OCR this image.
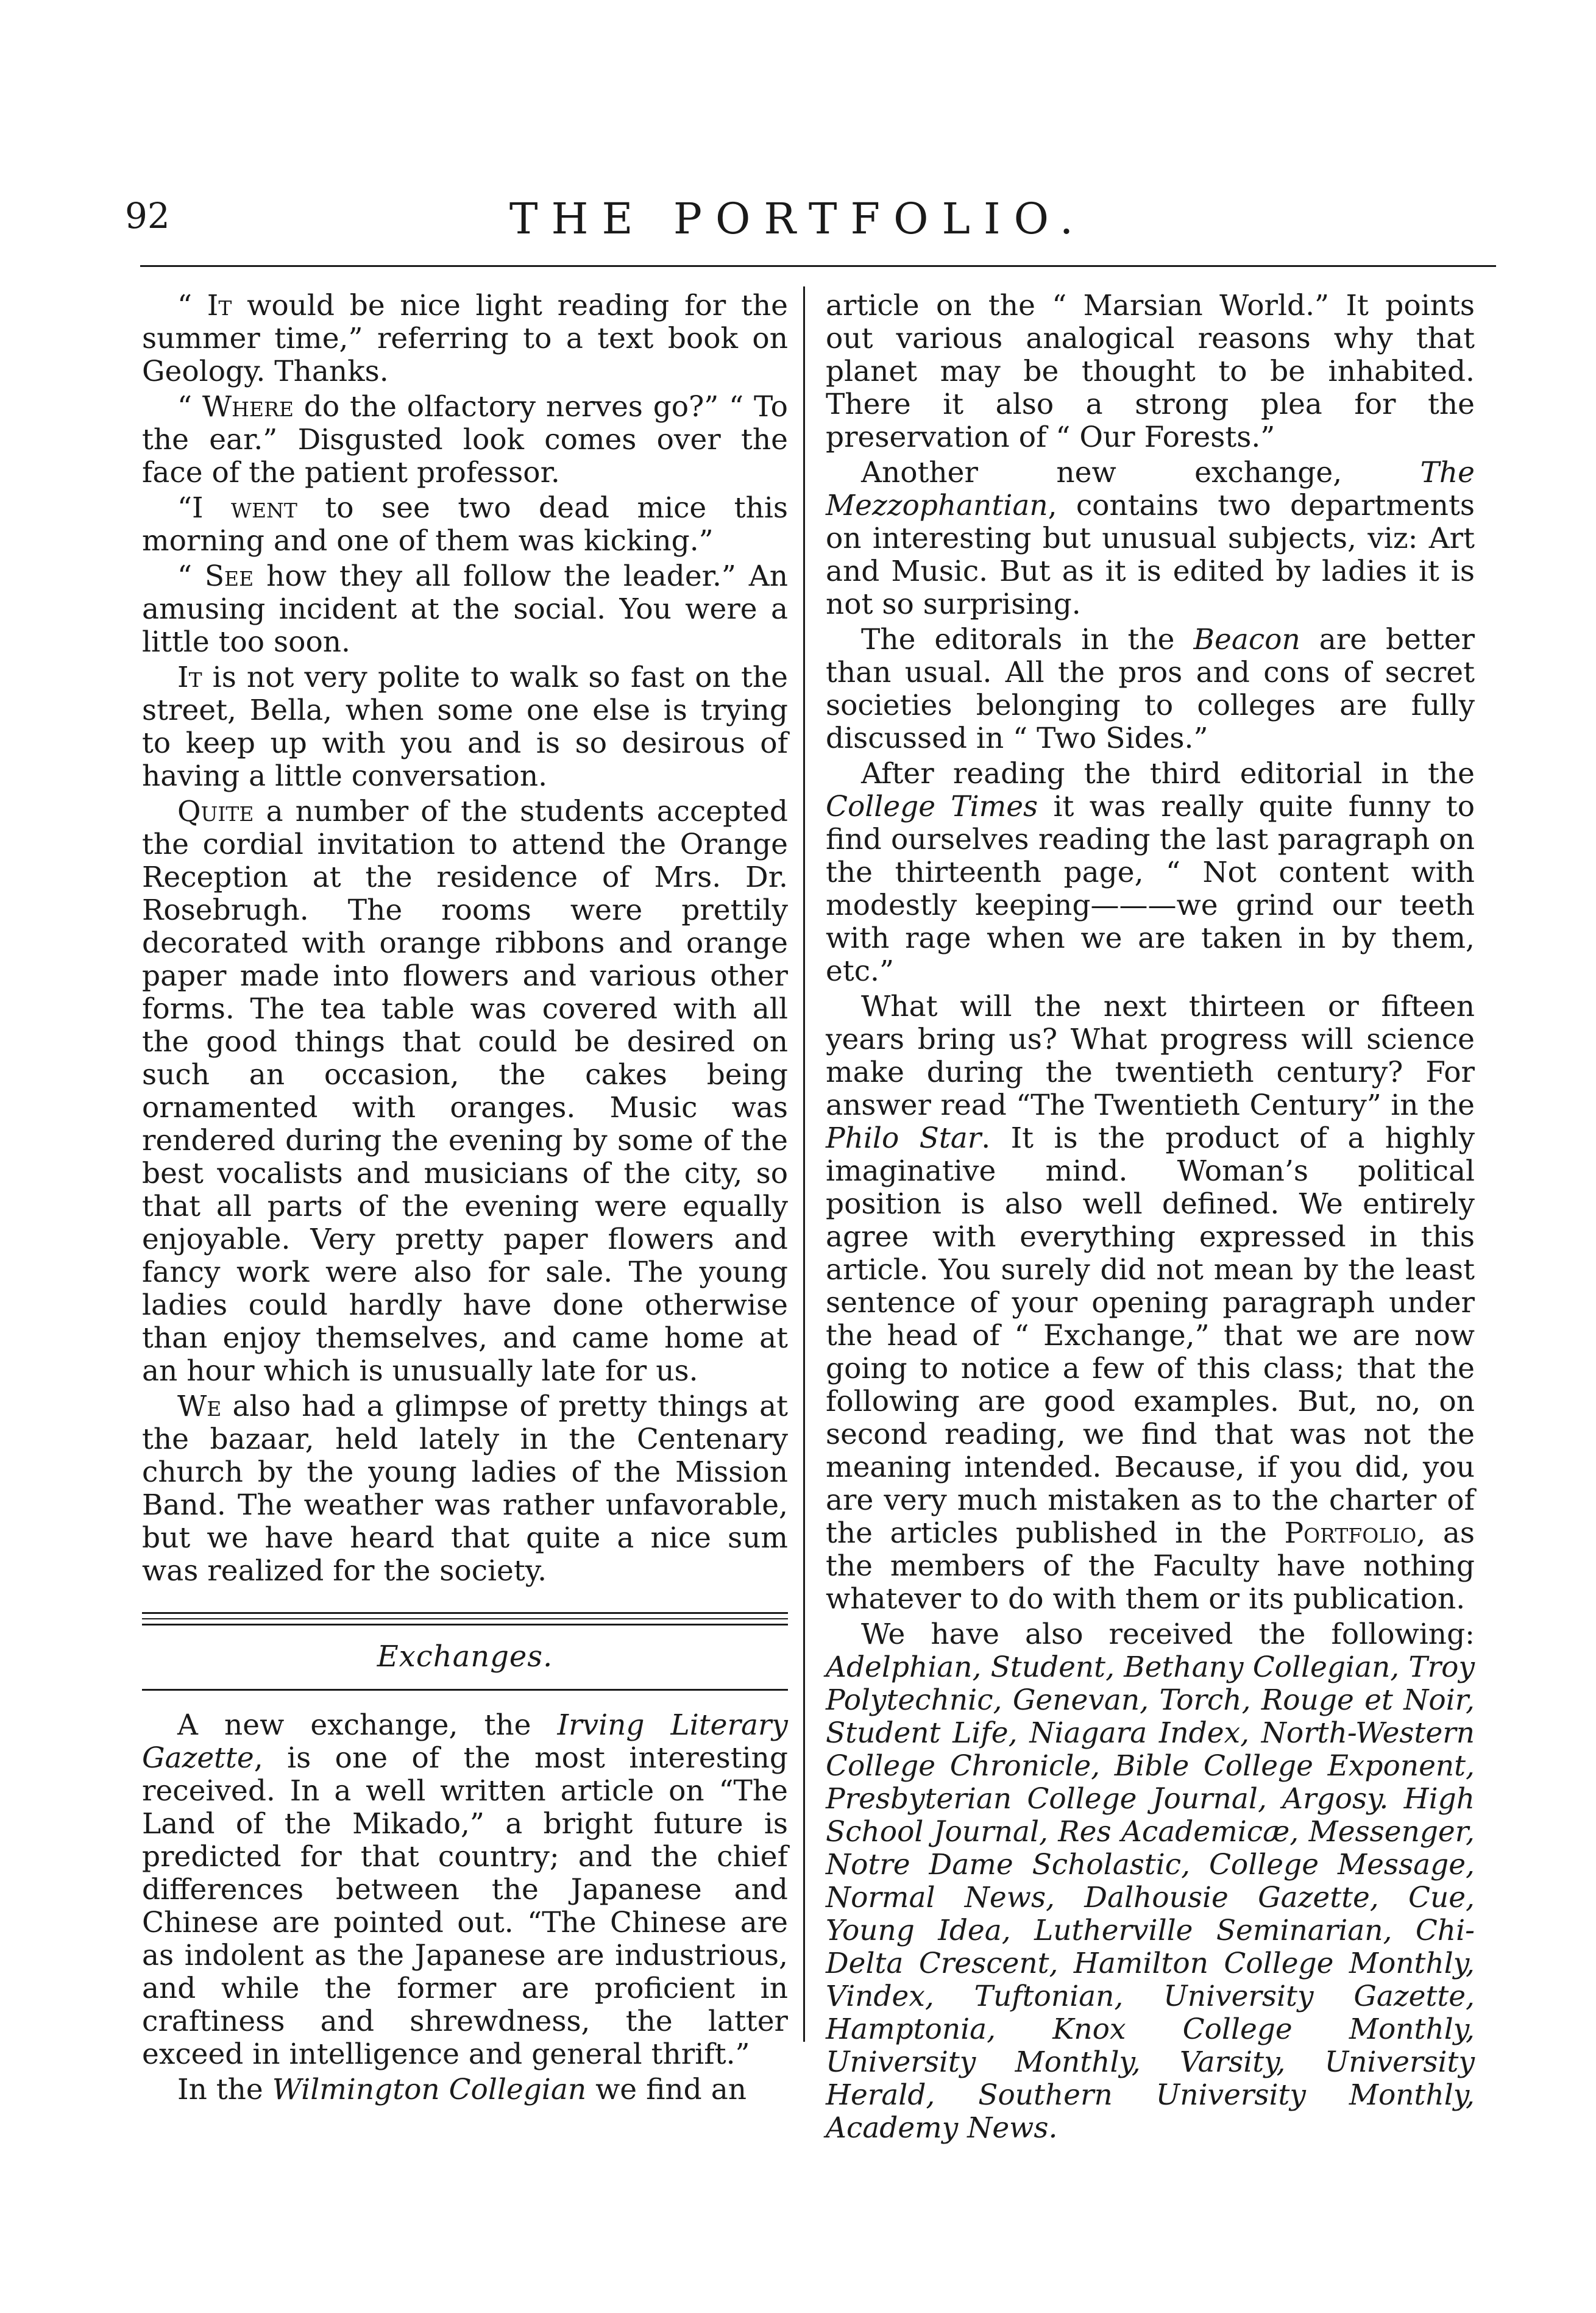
92	THE PORTFOLIO.

“ It would be nice light reading for the summer time,” referring to a text book on Geology. Thanks.

“ Where do the olfactory nerves go?” “ To the ear.” Disgusted look comes over the face of the patient professor.

“I went to see two dead mice this morning and one of them was kicking.”

“ See how they all follow the leader.” An amusing incident at the social. You were a little too soon.

It is not very polite to walk so fast on the street, Bella, when some one else is trying to keep up with you and is so desirous of having a little conversation.

Quite a number of the students accepted the cordial invitation to attend the Orange Reception at the residence of Mrs. Dr. Rosebrugh. The rooms were prettily decorated with orange ribbons and orange paper made into flowers and various other forms. The tea table was covered with all the good things that could be desired on such an occasion, the cakes being ornamented with oranges. Music was rendered during the evening by some of the best vocalists and musicians of the city, so that all parts of the evening were equally enjoyable. Very pretty paper flowers and fancy work were also for sale. The young ladies could hardly have done otherwise than enjoy themselves, and came home at an hour which is unusually late for us.

We also had a glimpse of pretty things at the bazaar, held lately in the Centenary church by the young ladies of the Mission Band. The weather was rather unfavorable, but we have heard that quite a nice sum was realized for the society.

Exchanges.

A new exchange, the Irving Literary Gazette, is one of the most interesting received. In a well written article on “The Land of the Mikado,” a bright future is predicted for that country; and the chief differences between the Japanese and Chinese are pointed out. “The Chinese are as indolent as the Japanese are industrious, and while the former are proficient in craftiness and shrewdness, the latter exceed in intelligence and general thrift.”

In the Wilmington Collegian we find an

article on the “ Marsian World.” It points out various analogical reasons why that planet may be thought to be inhabited. There it also a strong plea for the preservation of “ Our Forests.”

Another new exchange, The Mezzophantian, contains two departments on interesting but unusual subjects, viz: Art and Music. But as it is edited by ladies it is not so surprising.

The editorals in the Beacon are better than usual. All the pros and cons of secret societies belonging to colleges are fully discussed in “ Two Sides.”

After reading the third editorial in the College Times it was really quite funny to find ourselves reading the last paragraph on the thirteenth page, “ Not content with modestly keeping———we grind our teeth with rage when we are taken in by them, etc.”

What will the next thirteen or fifteen years bring us? What progress will science make during the twentieth century? For answer read “The Twentieth Century” in the Philo Star. It is the product of a highly imaginative mind. Woman’s political position is also well defined. We entirely agree with everything expressed in this article. You surely did not mean by the least sentence of your opening paragraph under the head of “ Exchange,” that we are now going to notice a few of this class; that the following are good examples. But, no, on second reading, we find that was not the meaning intended. Because, if you did, you are very much mistaken as to the charter of the articles published in the Portfolio, as the members of the Faculty have nothing whatever to do with them or its publication.

We have also received the following: Adelphian, Student, Bethany Collegian, Troy Polytechnic, Genevan, Torch, Rouge et Noir, Student Life, Niagara Index, North-Western College Chronicle, Bible College Exponent, Presbyterian College Journal, Argosy. High School Journal, Res Academicæ, Messenger, Notre Dame Scholastic, College Message, Normal News, Dalhousie Gazette, Cue, Young Idea, Lutherville Seminarian, Chi-Delta Crescent, Hamilton College Monthly, Vindex, Tuftonian, University Gazette, Hamptonia, Knox College Monthly, University Monthly, Varsity, University Herald, Southern University Monthly, Academy News.
